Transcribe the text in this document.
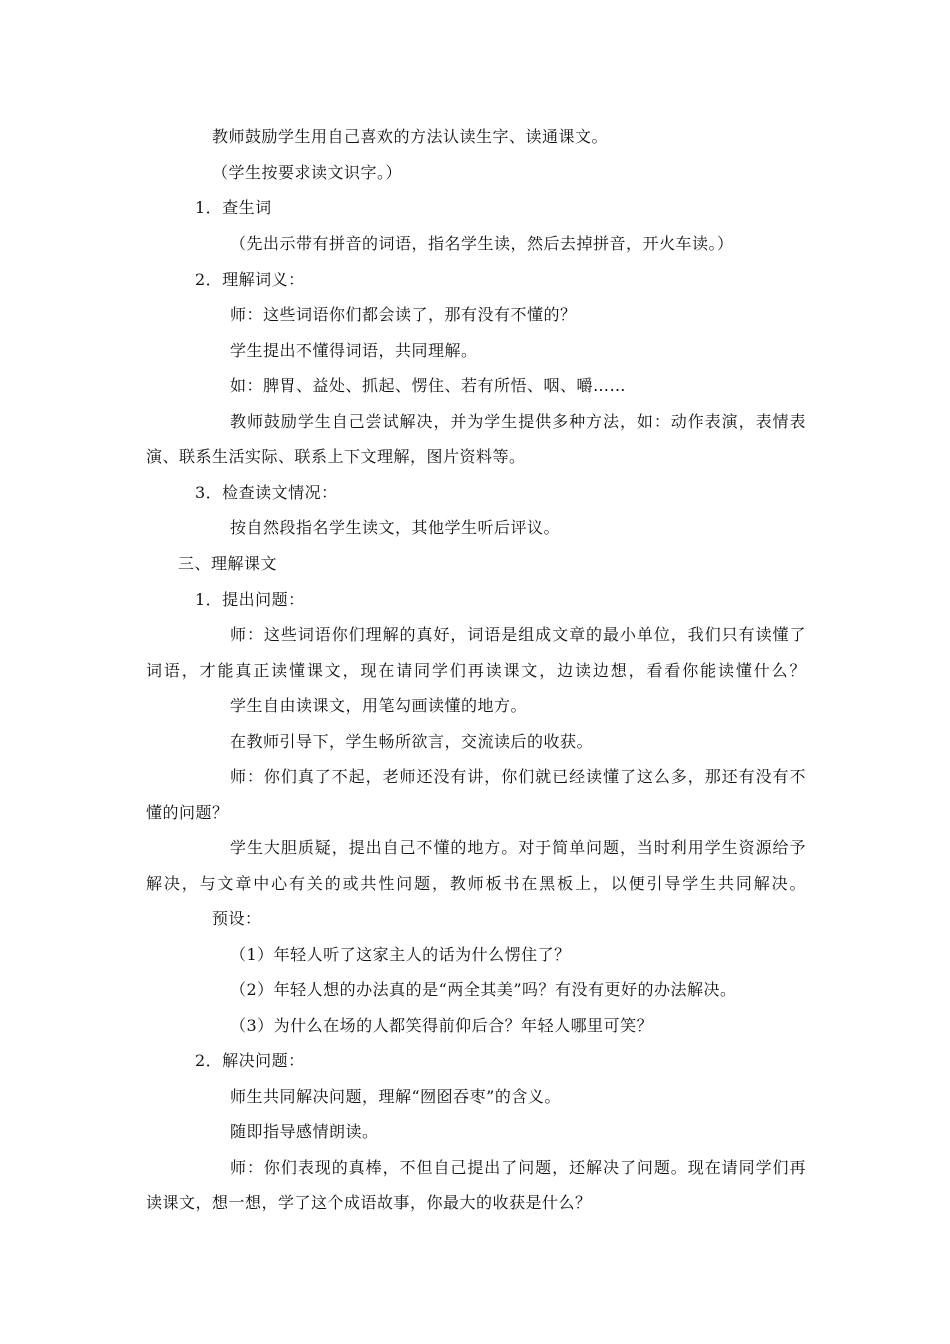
教师鼓励学生用自己喜欢的方法认读生字、读通课文。
（学生按要求读文识字。）
1．查生词
（先出示带有拼音的词语，指名学生读，然后去掉拼音，开火车读。）
2．理解词义：
师：这些词语你们都会读了，那有没有不懂的？
学生提出不懂得词语，共同理解。
如：脾胃、益处、抓起、愣住、若有所悟、咽、嚼……
教师鼓励学生自己尝试解决，并为学生提供多种方法，如：动作表演，表情表
演、联系生活实际、联系上下文理解，图片资料等。
3．检查读文情况：
按自然段指名学生读文，其他学生听后评议。
三、理解课文
1．提出问题：
师：这些词语你们理解的真好，词语是组成文章的最小单位，我们只有读懂了
词语，才能真正读懂课文，现在请同学们再读课文，边读边想，看看你能读懂什么？
学生自由读课文，用笔勾画读懂的地方。
在教师引导下，学生畅所欲言，交流读后的收获。
师：你们真了不起，老师还没有讲，你们就已经读懂了这么多，那还有没有不
懂的问题？
学生大胆质疑，提出自己不懂的地方。对于简单问题，当时利用学生资源给予
解决，与文章中心有关的或共性问题，教师板书在黑板上，以便引导学生共同解决。
预设：
（1）年轻人听了这家主人的话为什么愣住了？
（2）年轻人想的办法真的是“两全其美”吗？有没有更好的办法解决。
（3）为什么在场的人都笑得前仰后合？年轻人哪里可笑？
2．解决问题：
师生共同解决问题，理解“囫囵吞枣”的含义。
随即指导感情朗读。
师：你们表现的真棒，不但自己提出了问题，还解决了问题。现在请同学们再
读课文，想一想，学了这个成语故事，你最大的收获是什么？
